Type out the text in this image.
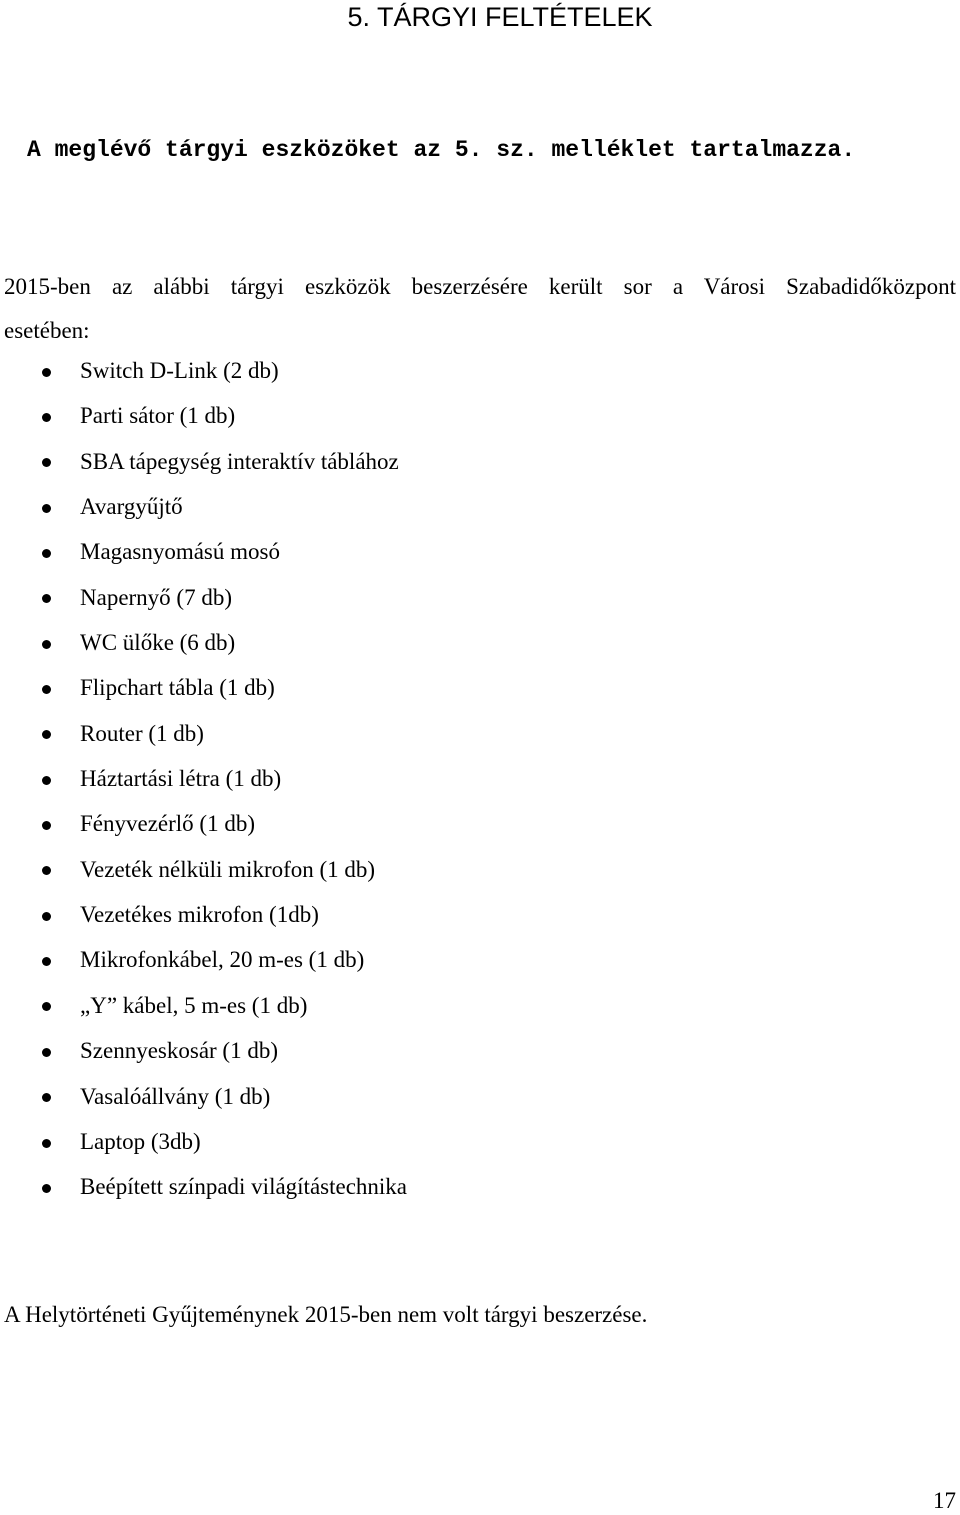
5. TÁRGYI FELTÉTELEK

A meglévő tárgyi eszközöket az 5. sz. melléklet tartalmazza.

2015-ben az alábbi tárgyi eszközök beszerzésére került sor a Városi Szabadidőközpont
esetében:

Switch D-Link (2 db)
Parti sátor (1 db)
SBA tápegység interaktív táblához
Avargyűjtő
Magasnyomású mosó
Napernyő (7 db)
WC ülőke (6 db)
Flipchart tábla (1 db)
Router (1 db)
Háztartási létra (1 db)
Fényvezérlő (1 db)
Vezeték nélküli mikrofon (1 db)
Vezetékes mikrofon (1db)
Mikrofonkábel, 20 m-es (1 db)
„Y” kábel, 5 m-es (1 db)
Szennyeskosár (1 db)
Vasalóállvány (1 db)
Laptop (3db)
Beépített színpadi világítástechnika

A Helytörténeti Gyűjteménynek 2015-ben nem volt tárgyi beszerzése.

17
